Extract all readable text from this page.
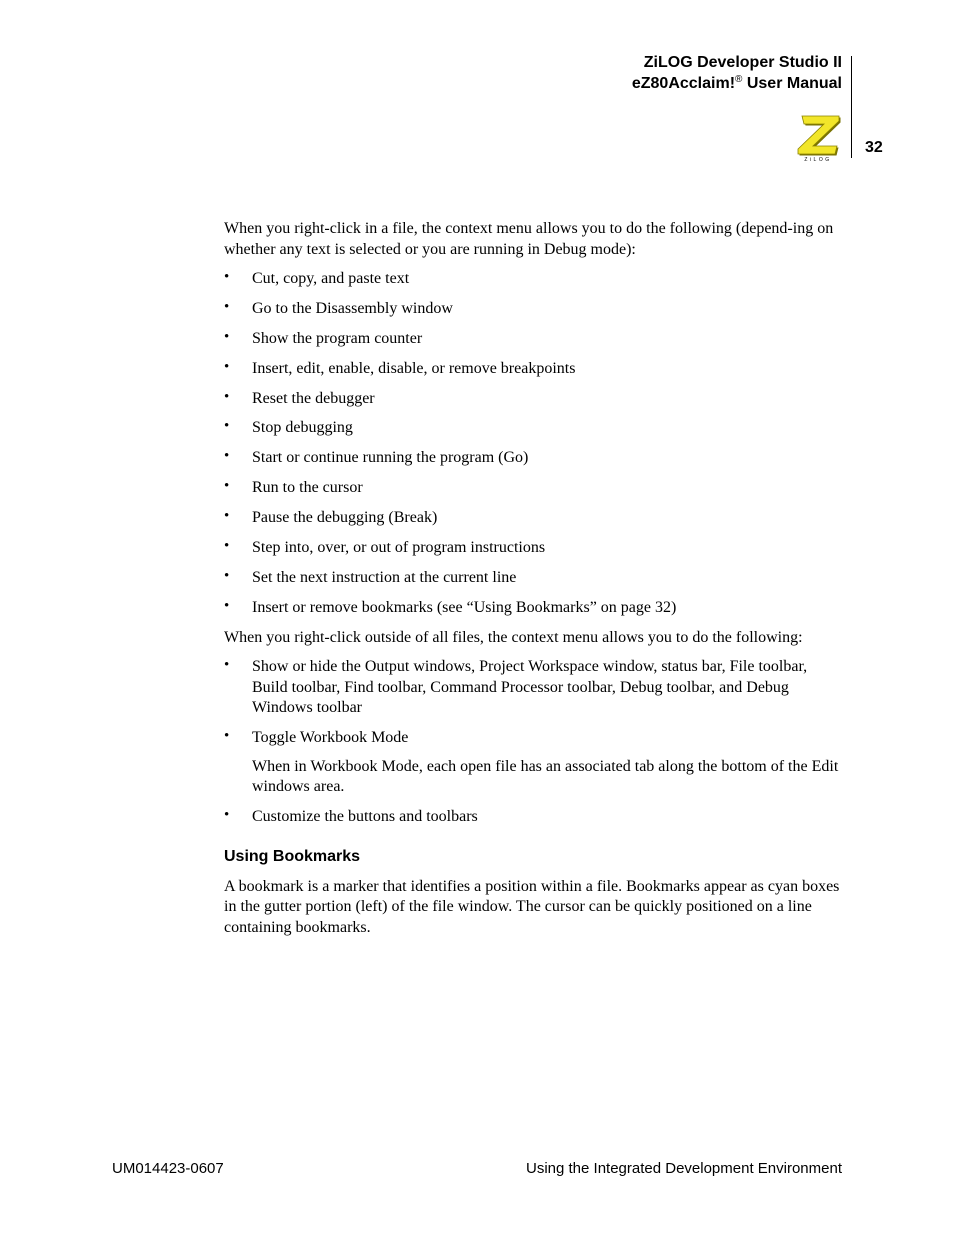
ZiLOG Developer Studio II
eZ80Acclaim!® User Manual
ZiLOG
32

When you right-click in a file, the context menu allows you to do the following (depend-ing on whether any text is selected or you are running in Debug mode):

• Cut, copy, and paste text
• Go to the Disassembly window
• Show the program counter
• Insert, edit, enable, disable, or remove breakpoints
• Reset the debugger
• Stop debugging
• Start or continue running the program (Go)
• Run to the cursor
• Pause the debugging (Break)
• Step into, over, or out of program instructions
• Set the next instruction at the current line
• Insert or remove bookmarks (see “Using Bookmarks” on page 32)

When you right-click outside of all files, the context menu allows you to do the following:

• Show or hide the Output windows, Project Workspace window, status bar, File toolbar, Build toolbar, Find toolbar, Command Processor toolbar, Debug toolbar, and Debug Windows toolbar
• Toggle Workbook Mode

When in Workbook Mode, each open file has an associated tab along the bottom of the Edit windows area.

• Customize the buttons and toolbars
Using Bookmarks

A bookmark is a marker that identifies a position within a file. Bookmarks appear as cyan boxes in the gutter portion (left) of the file window. The cursor can be quickly positioned on a line containing bookmarks.

UM014423-0607	Using the Integrated Development Environment
